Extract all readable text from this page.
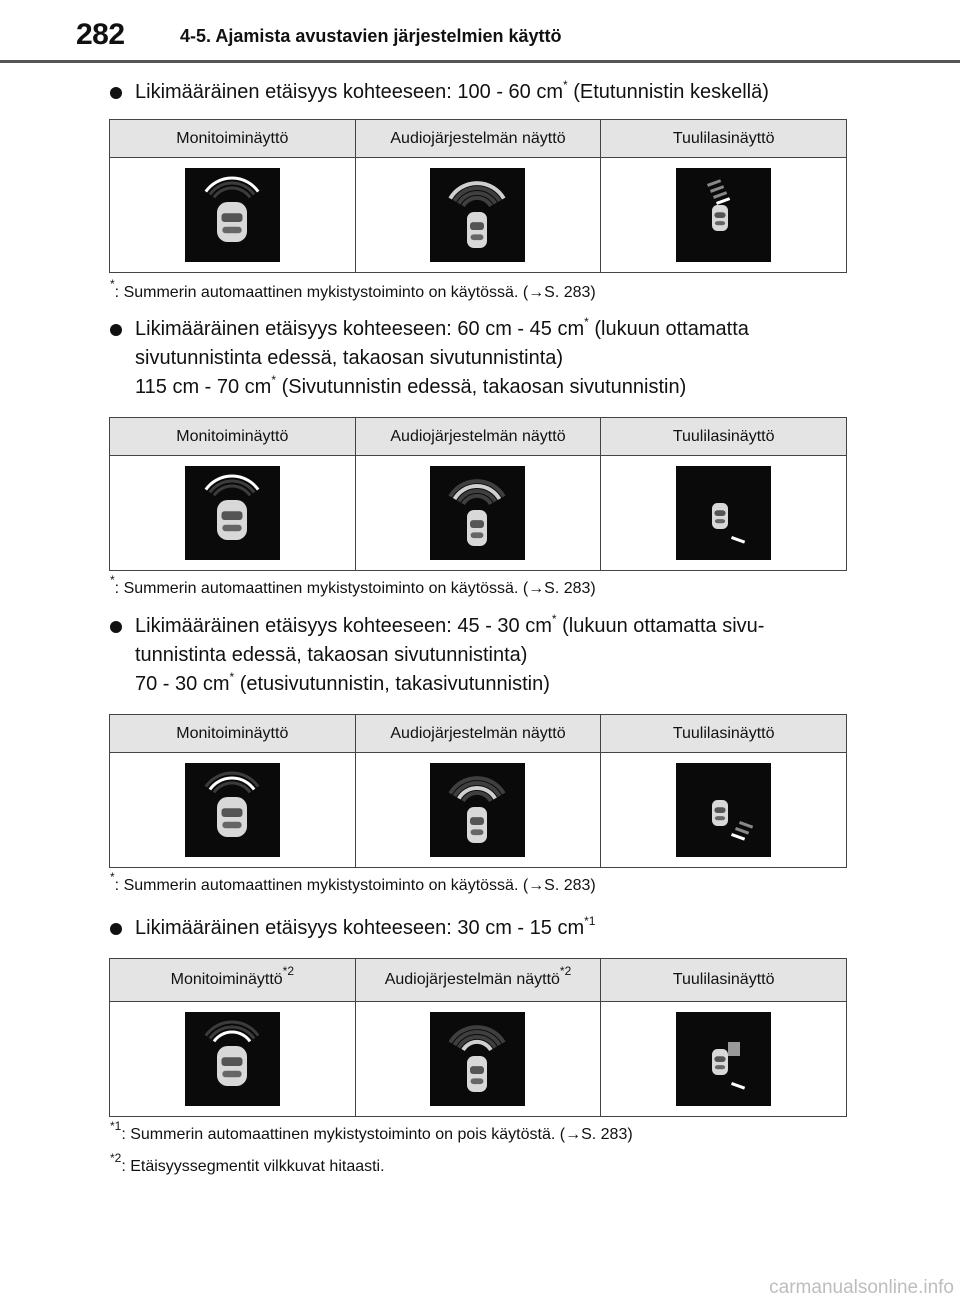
282	4-5. Ajamista avustavien järjestelmien käyttö
Likimääräinen etäisyys kohteeseen: 100 - 60 cm* (Etutunnistin keskellä)
Monitoiminäyttö	Audiojärjestelmän näyttö	Tuulilasinäyttö

*: Summerin automaattinen mykistystoiminto on käytössä. (→S. 283)
Likimääräinen etäisyys kohteeseen: 60 cm - 45 cm* (lukuun ottamatta
sivutunnistinta edessä, takaosan sivutunnistinta)
115 cm - 70 cm* (Sivutunnistin edessä, takaosan sivutunnistin)
Monitoiminäyttö	Audiojärjestelmän näyttö	Tuulilasinäyttö

*: Summerin automaattinen mykistystoiminto on käytössä. (→S. 283)
Likimääräinen etäisyys kohteeseen: 45 - 30 cm* (lukuun ottamatta sivu-
tunnistinta edessä, takaosan sivutunnistinta)
70 - 30 cm* (etusivutunnistin, takasivutunnistin)
Monitoiminäyttö	Audiojärjestelmän näyttö	Tuulilasinäyttö

*: Summerin automaattinen mykistystoiminto on käytössä. (→S. 283)
Likimääräinen etäisyys kohteeseen: 30 cm - 15 $cm^{*1}$
Monitoiminäyttö$^{*2}$	Audiojärjestelmän näyttö$^{*2}$	Tuulilasinäyttö

$^{*1}$: Summerin automaattinen mykistystoiminto on pois käytöstä. (→S. 283)
$^{*2}$: Etäisyyssegmentit vilkkuvat hitaasti.
carmanualsonline.info
